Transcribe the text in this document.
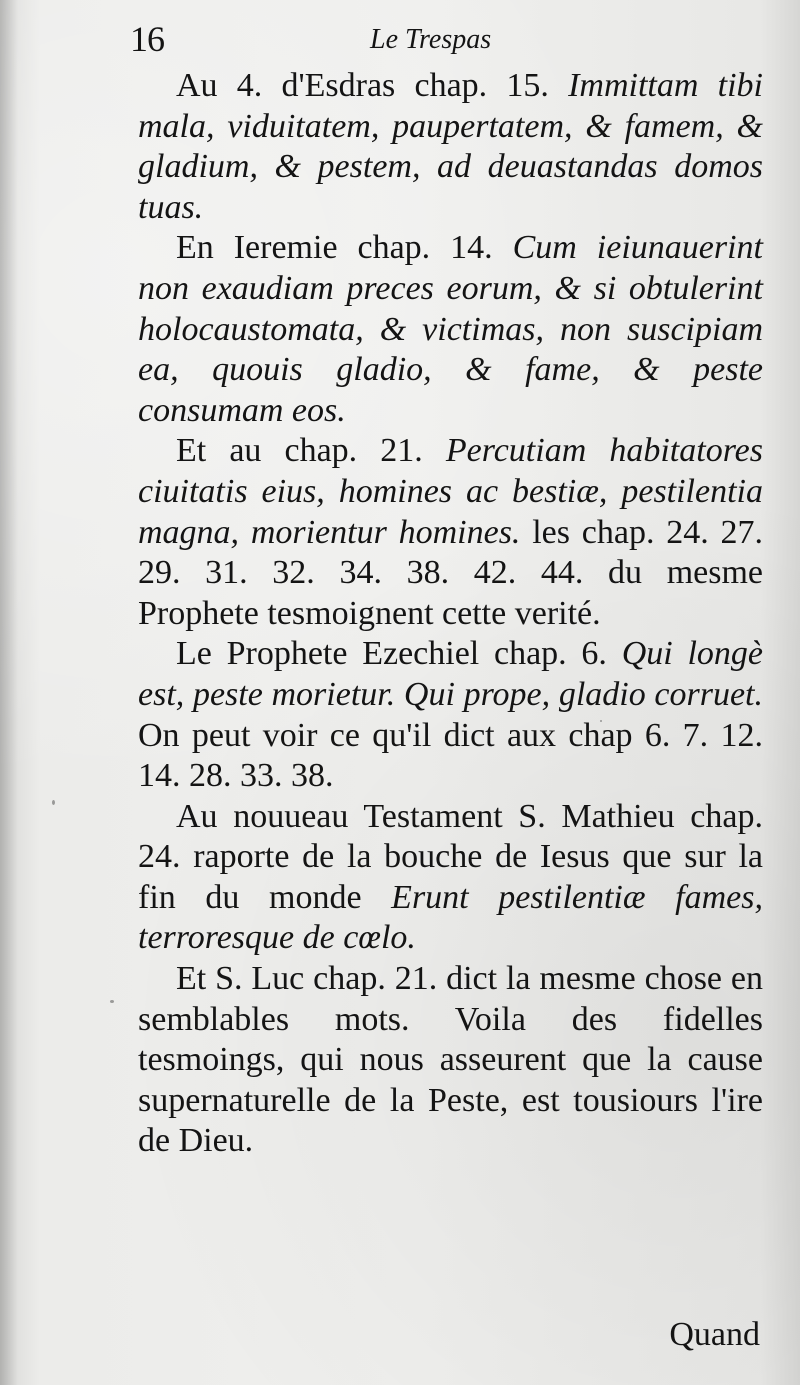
16	Le Trespas

Au 4. d'Esdras chap. 15. Immittam tibi mala, viduitatem, paupertatem, & famem, & gladium, & pestem, ad deuastandas domos tuas.

En Ieremie chap. 14. Cum ieiunauerint non exaudiam preces eorum, & si obtulerint holocaustomata, & victimas, non suscipiam ea, quouis gladio, & fame, & peste consumam eos.

Et au chap. 21. Percutiam habitatores ciuitatis eius, homines ac bestiæ, pestilentia magna, morientur homines. les chap. 24. 27. 29. 31. 32. 34. 38. 42. 44. du mesme Prophete tesmoignent cette verité.

Le Prophete Ezechiel chap. 6. Qui longè est, peste morietur. Qui prope, gladio corruet. On peut voir ce qu'il dict aux chap 6. 7. 12. 14. 28. 33. 38.

Au nouueau Testament S. Mathieu chap. 24. raporte de la bouche de Iesus que sur la fin du monde Erunt pestilentiæ fames, terroresque de cœlo.

Et S. Luc chap. 21. dict la mesme chose en semblables mots. Voila des fidelles tesmoings, qui nous asseurent que la cause supernaturelle de la Peste, est tousiours l'ire de Dieu.

Quand
